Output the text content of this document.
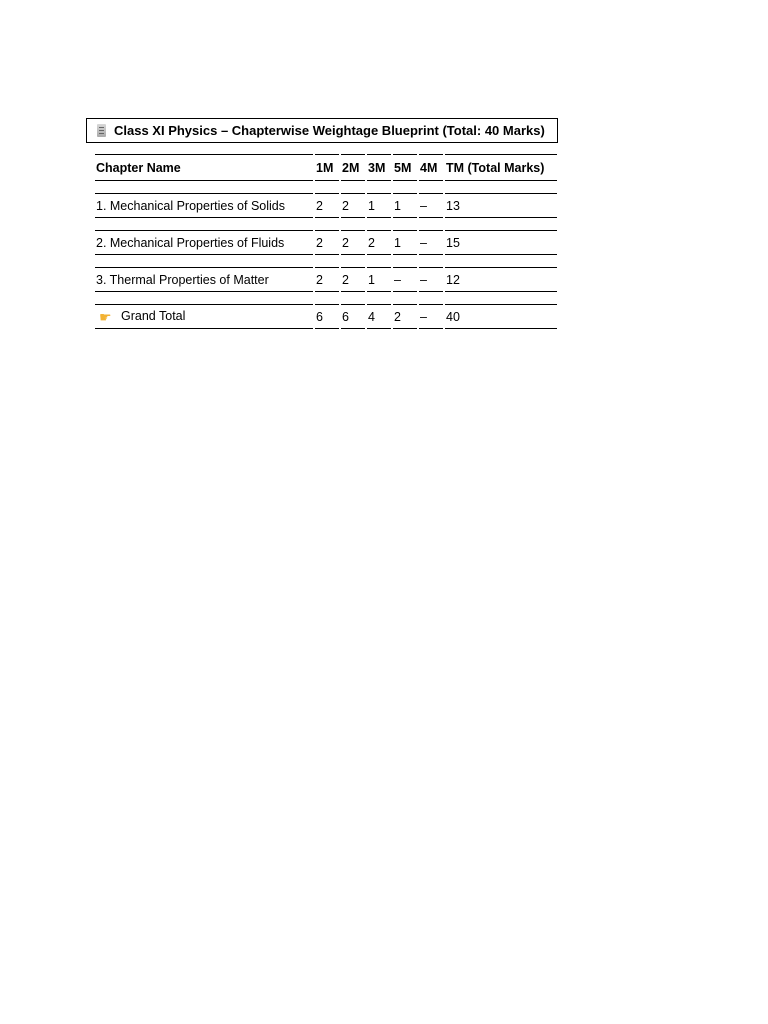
Class XI Physics – Chapterwise Weightage Blueprint (Total: 40 Marks)
Chapter Name	1M	2M	3M	5M	4M	TM (Total Marks)

1. Mechanical Properties of Solids	2	2	1	1	–	13

2. Mechanical Properties of Fluids	2	2	2	1	–	15

3. Thermal Properties of Matter	2	2	1	–	–	12

☛ Grand Total	6	6	4	2	–	40
